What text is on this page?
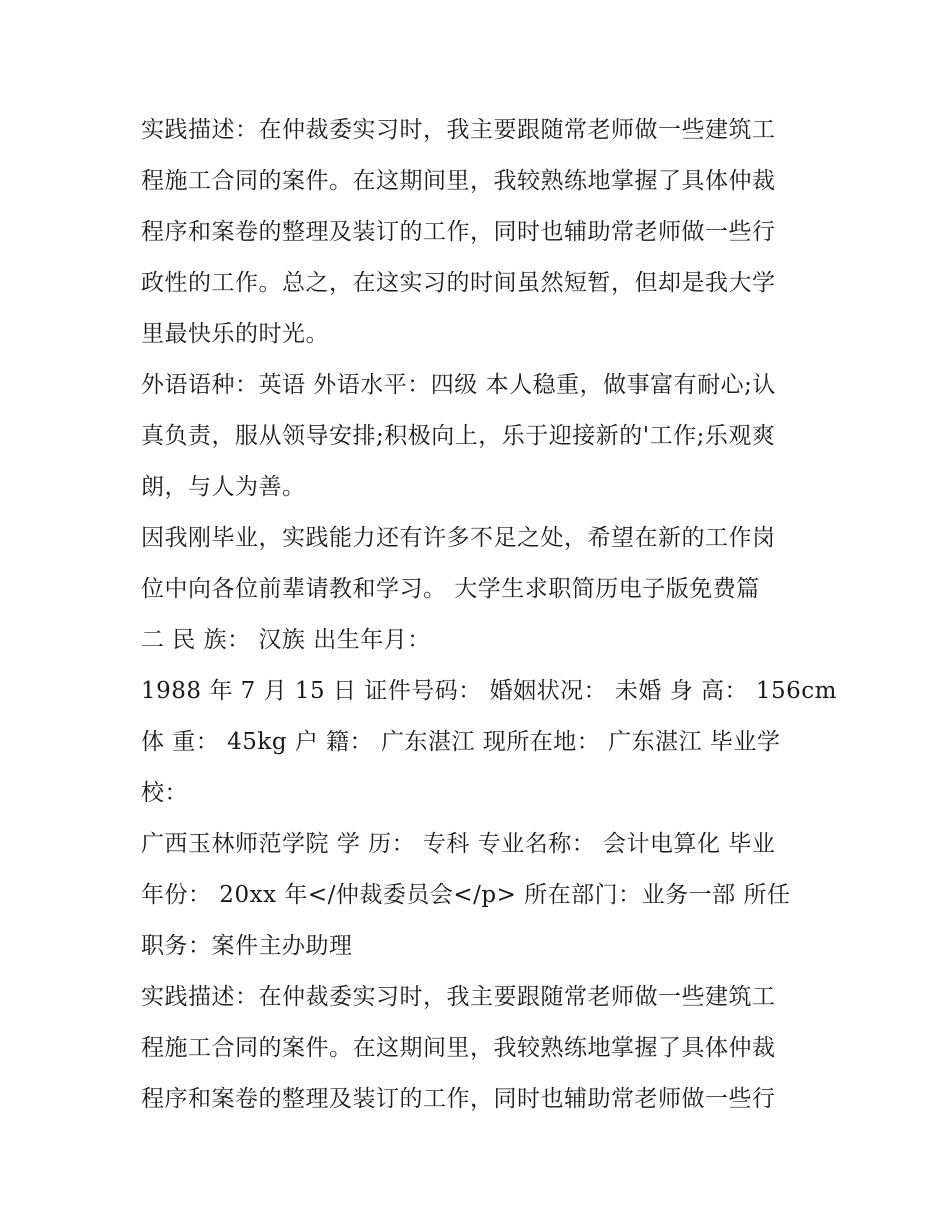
实践描述：在仲裁委实习时，我主要跟随常老师做一些建筑工
程施工合同的案件。在这期间里，我较熟练地掌握了具体仲裁
程序和案卷的整理及装订的工作，同时也辅助常老师做一些行
政性的工作。总之，在这实习的时间虽然短暂，但却是我大学
里最快乐的时光。
外语语种：英语 外语水平：四级 本人稳重，做事富有耐心;认
真负责，服从领导安排;积极向上，乐于迎接新的'工作;乐观爽
朗，与人为善。
因我刚毕业，实践能力还有许多不足之处，希望在新的工作岗
位中向各位前辈请教和学习。 大学生求职简历电子版免费篇
二 民 族： 汉族 出生年月：
1988 年 7 月 15 日 证件号码： 婚姻状况： 未婚 身 高： 156cm
体 重： 45kg 户 籍： 广东湛江 现所在地： 广东湛江 毕业学
校：
广西玉林师范学院 学 历： 专科 专业名称： 会计电算化 毕业
年份： 20xx 年</仲裁委员会</p> 所在部门：业务一部 所任
职务：案件主办助理
实践描述：在仲裁委实习时，我主要跟随常老师做一些建筑工
程施工合同的案件。在这期间里，我较熟练地掌握了具体仲裁
程序和案卷的整理及装订的工作，同时也辅助常老师做一些行
